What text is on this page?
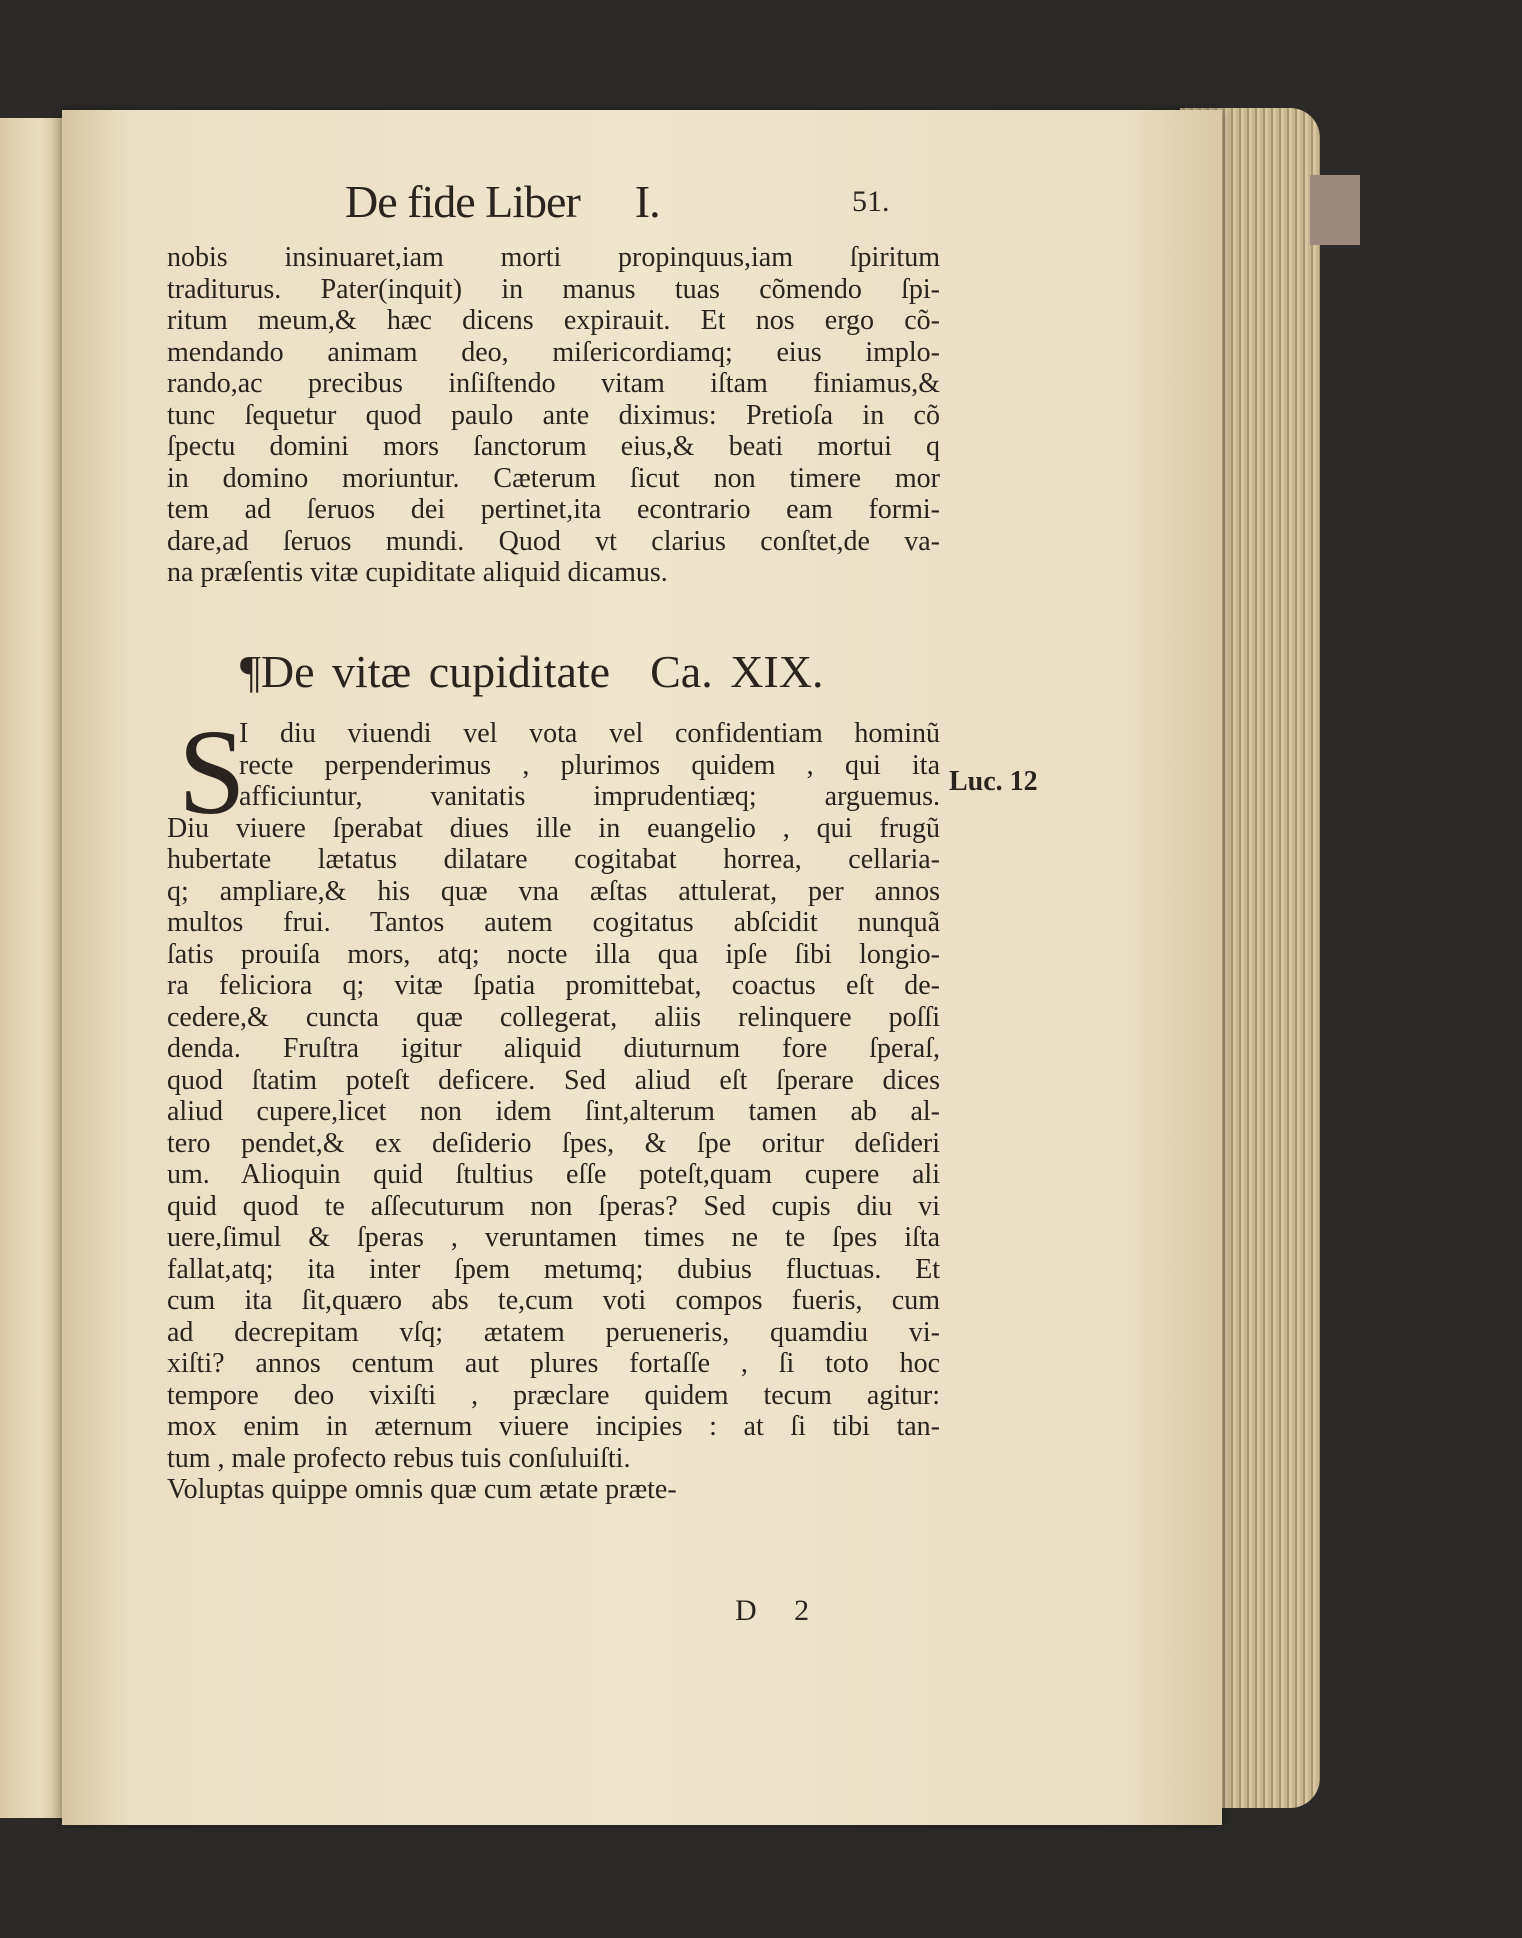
De fide Liber I.	51.
nobis insinuaret,iam morti propinquus,iam ſpiritum
traditurus. Pater(inquit) in manus tuas cõmendo ſpi-
ritum meum,& hæc dicens expirauit. Et nos ergo cõ-
mendando animam deo, miſericordiamq; eius implo-
rando,ac precibus inſiſtendo vitam iſtam finiamus,&
tunc ſequetur quod paulo ante diximus: Pretioſa in cõ
ſpectu domini mors ſanctorum eius,& beati mortui q
in domino moriuntur. Cæterum ſicut non timere mor
tem ad ſeruos dei pertinet,ita econtrario eam formi-
dare,ad ſeruos mundi. Quod vt clarius conſtet,de va-
na præſentis vitæ cupiditate aliquid dicamus.
¶De vitæ cupiditate Ca. XIX.
S
I diu viuendi vel vota vel confidentiam hominũ
recte perpenderimus , plurimos quidem , qui ita
afficiuntur, vanitatis imprudentiæq; arguemus.
Diu viuere ſperabat diues ille in euangelio , qui frugũ
hubertate lætatus dilatare cogitabat horrea, cellaria-
q; ampliare,& his quæ vna æſtas attulerat, per annos
multos frui. Tantos autem cogitatus abſcidit nunquã
ſatis prouiſa mors, atq; nocte illa qua ipſe ſibi longio-
ra feliciora q; vitæ ſpatia promittebat, coactus eſt de-
cedere,& cuncta quæ collegerat, aliis relinquere poſſi
denda. Fruſtra igitur aliquid diuturnum fore ſperaſ,
quod ſtatim poteſt deficere. Sed aliud eſt ſperare dices
aliud cupere,licet non idem ſint,alterum tamen ab al-
tero pendet,& ex deſiderio ſpes, & ſpe oritur deſideri
um. Alioquin quid ſtultius eſſe poteſt,quam cupere ali
quid quod te aſſecuturum non ſperas? Sed cupis diu vi
uere,ſimul & ſperas , veruntamen times ne te ſpes iſta
fallat,atq; ita inter ſpem metumq; dubius fluctuas. Et
cum ita ſit,quæro abs te,cum voti compos fueris, cum
ad decrepitam vſq; ætatem perueneris, quamdiu vi-
xiſti? annos centum aut plures fortaſſe , ſi toto hoc
tempore deo vixiſti , præclare quidem tecum agitur:
mox enim in æternum viuere incipies : at ſi tibi tan-
tum , male profecto rebus tuis conſuluiſti.
Voluptas quippe omnis quæ cum ætate præte-
Luc. 12
D 2
